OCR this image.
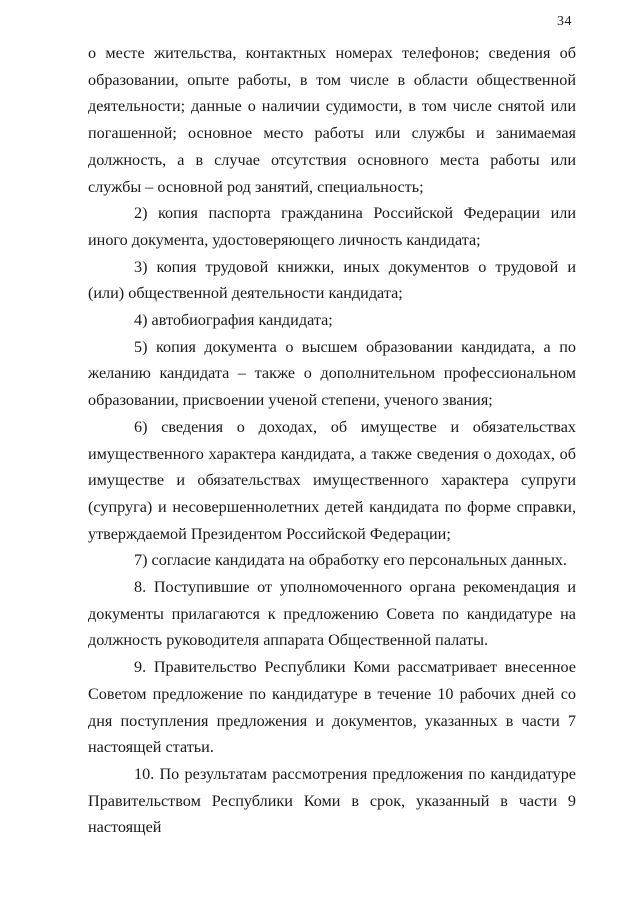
34

о месте жительства, контактных номерах телефонов; сведения об образовании, опыте работы, в том числе в области общественной деятельности; данные о наличии судимости, в том числе снятой или погашенной; основное место работы или службы и занимаемая должность, а в случае отсутствия основного места работы или службы – основной род занятий, специальность;

2) копия паспорта гражданина Российской Федерации или иного документа, удостоверяющего личность кандидата;

3) копия трудовой книжки, иных документов о трудовой и (или) общественной деятельности кандидата;

4) автобиография кандидата;

5) копия документа о высшем образовании кандидата, а по желанию кандидата – также о дополнительном профессиональном образовании, присвоении ученой степени, ученого звания;

6) сведения о доходах, об имуществе и обязательствах имущественного характера кандидата, а также сведения о доходах, об имуществе и обязательствах имущественного характера супруги (супруга) и несовершеннолетних детей кандидата по форме справки, утверждаемой Президентом Российской Федерации;

7) согласие кандидата на обработку его персональных данных.

8. Поступившие от уполномоченного органа рекомендация и документы прилагаются к предложению Совета по кандидатуре на должность руководителя аппарата Общественной палаты.

9. Правительство Республики Коми рассматривает внесенное Советом предложение по кандидатуре в течение 10 рабочих дней со дня поступления предложения и документов, указанных в части 7 настоящей статьи.

10. По результатам рассмотрения предложения по кандидатуре Правительством Республики Коми в срок, указанный в части 9 настоящей
